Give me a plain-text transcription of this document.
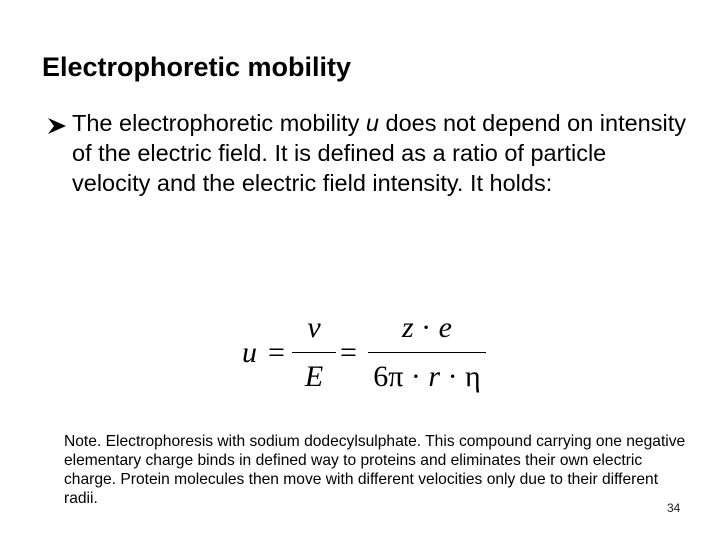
Electrophoretic mobility
The electrophoretic mobility u does not depend on intensity of the electric field. It is defined as a ratio of particle velocity and the electric field intensity. It holds:
u =
v
E
=
z · e
6π · r · η
Note. Electrophoresis with sodium dodecylsulphate. This compound carrying one negative elementary charge binds in defined way to proteins and eliminates their own electric charge. Protein molecules then move with different velocities only due to their different radii.
34
